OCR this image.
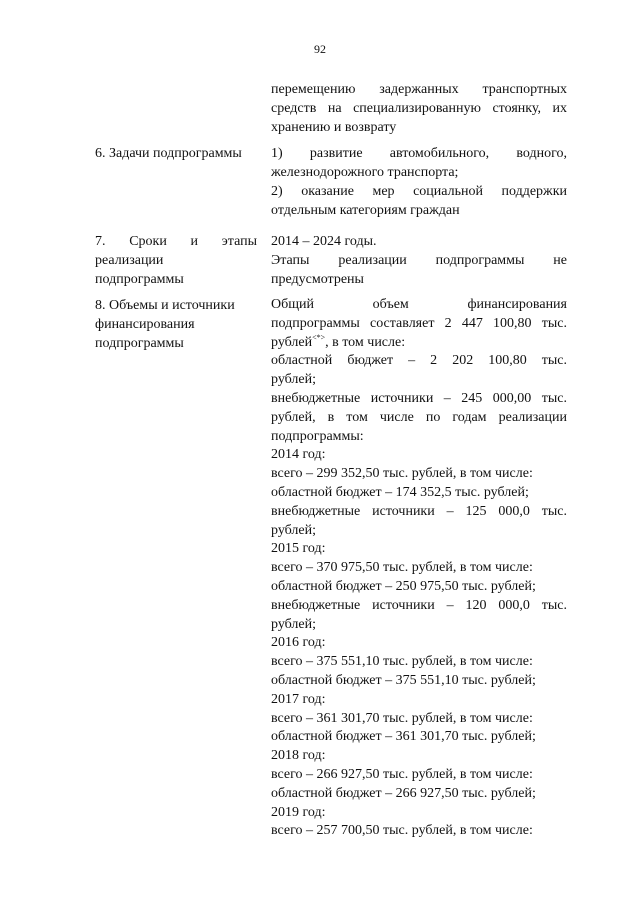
92
перемещению задержанных транспортных
средств на специализированную стоянку, их
хранению и возврату
6. Задачи подпрограммы	1) развитие автомобильного, водного,
железнодорожного транспорта;
2) оказание мер социальной поддержки
отдельным категориям граждан
7. Сроки и этапы
реализации
подпрограммы
2014 – 2024 годы.
Этапы реализации подпрограммы не
предусмотрены
8. Объемы и источники
финансирования
подпрограммы
Общий объем финансирования
подпрограммы составляет 2 447 100,80 тыс.
рублей<*>, в том числе:
областной бюджет – 2 202 100,80 тыс.
рублей;
внебюджетные источники – 245 000,00 тыс.
рублей, в том числе по годам реализации
подпрограммы:
2014 год:
всего – 299 352,50 тыс. рублей, в том числе:
областной бюджет – 174 352,5 тыс. рублей;
внебюджетные источники – 125 000,0 тыс.
рублей;
2015 год:
всего – 370 975,50 тыс. рублей, в том числе:
областной бюджет – 250 975,50 тыс. рублей;
внебюджетные источники – 120 000,0 тыс.
рублей;
2016 год:
всего – 375 551,10 тыс. рублей, в том числе:
областной бюджет – 375 551,10 тыс. рублей;
2017 год:
всего – 361 301,70 тыс. рублей, в том числе:
областной бюджет – 361 301,70 тыс. рублей;
2018 год:
всего – 266 927,50 тыс. рублей, в том числе:
областной бюджет – 266 927,50 тыс. рублей;
2019 год:
всего – 257 700,50 тыс. рублей, в том числе:
